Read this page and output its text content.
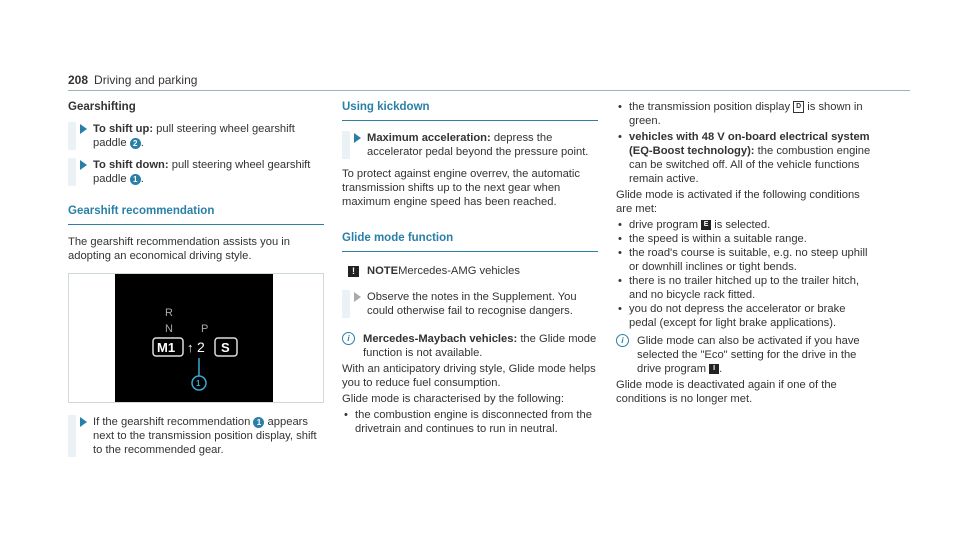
208 Driving and parking
Gearshifting
To shift up: pull steering wheel gearshift paddle 2 .
To shift down: pull steering wheel gearshift paddle 1 .
Gearshift recommendation

The gearshift recommendation assists you in adopting an economical driving style.

R
N	P
M1 ↑ 2 S
1
If the gearshift recommendation 1 appears next to the transmission position display, shift to the recommended gear.
Using kickdown
Maximum acceleration: depress the accelerator pedal beyond the pressure point.

To protect against engine overrev, the automatic transmission shifts up to the next gear when maximum engine speed has been reached.

Glide mode function
!	NOTE Mercedes-AMG vehicles
Observe the notes in the Supplement. You could otherwise fail to recognise dangers.
i	Mercedes-Maybach vehicles: the Glide mode function is not available.

With an anticipatory driving style, Glide mode helps you to reduce fuel consumption.

Glide mode is characterised by the following:

• the combustion engine is disconnected from the drivetrain and continues to run in neutral.
• the transmission position display D is shown in green.
• vehicles with 48 V on-board electrical system (EQ-Boost technology): the combustion engine can be switched off. All of the vehicle functions remain active.

Glide mode is activated if the following conditions are met:

• drive program E is selected.
• the speed is within a suitable range.
• the road's course is suitable, e.g. no steep uphill or downhill inclines or tight bends.
• there is no trailer hitched up to the trailer hitch, and no bicycle rack fitted.
• you do not depress the accelerator or brake pedal (except for light brake applications).
i	Glide mode can also be activated if you have selected the "Eco" setting for the drive in the drive program I .

Glide mode is deactivated again if one of the conditions is no longer met.
